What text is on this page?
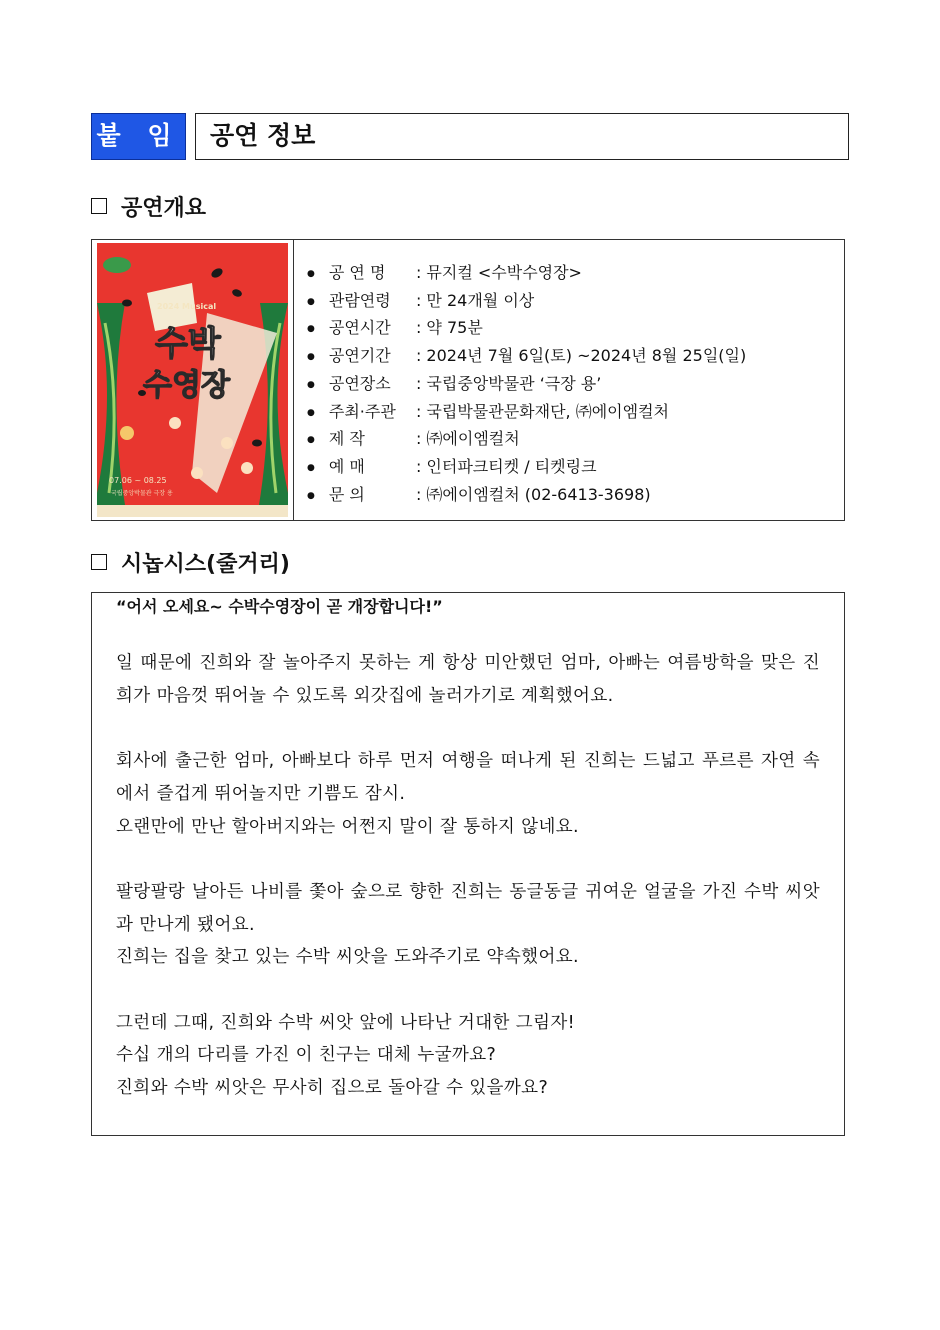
붙 임	공연 정보
공연개요
2024 Musical
수박
수영장
07.06 ~ 08.25
국립중앙박물관 극장 용
● 공 연 명 : 뮤지컬 <수박수영장>
● 관람연령 : 만 24개월 이상
● 공연시간 : 약 75분
● 공연기간 : 2024년 7월 6일(토) ~2024년 8월 25일(일)
● 공연장소 : 국립중앙박물관 ‘극장 용’
● 주최·주관 : 국립박물관문화재단, ㈜에이엠컬처
● 제 작	: ㈜에이엠컬처
● 예 매	: 인터파크티켓 / 티켓링크
● 문 의	: ㈜에이엠컬처 (02-6413-3698)
시놉시스(줄거리)
“어서 오세요~ 수박수영장이 곧 개장합니다!”

일 때문에 진희와 잘 놀아주지 못하는 게 항상 미안했던 엄마, 아빠는 여름방학을 맞은 진희가 마음껏 뛰어놀 수 있도록 외갓집에 놀러가기로 계획했어요.

회사에 출근한 엄마, 아빠보다 하루 먼저 여행을 떠나게 된 진희는 드넓고 푸르른 자연 속에서 즐겁게 뛰어놀지만 기쁨도 잠시.
오랜만에 만난 할아버지와는 어쩐지 말이 잘 통하지 않네요.

팔랑팔랑 날아든 나비를 쫓아 숲으로 향한 진희는 동글동글 귀여운 얼굴을 가진 수박 씨앗과 만나게 됐어요.
진희는 집을 찾고 있는 수박 씨앗을 도와주기로 약속했어요.

그런데 그때, 진희와 수박 씨앗 앞에 나타난 거대한 그림자!
수십 개의 다리를 가진 이 친구는 대체 누굴까요?
진희와 수박 씨앗은 무사히 집으로 돌아갈 수 있을까요?
